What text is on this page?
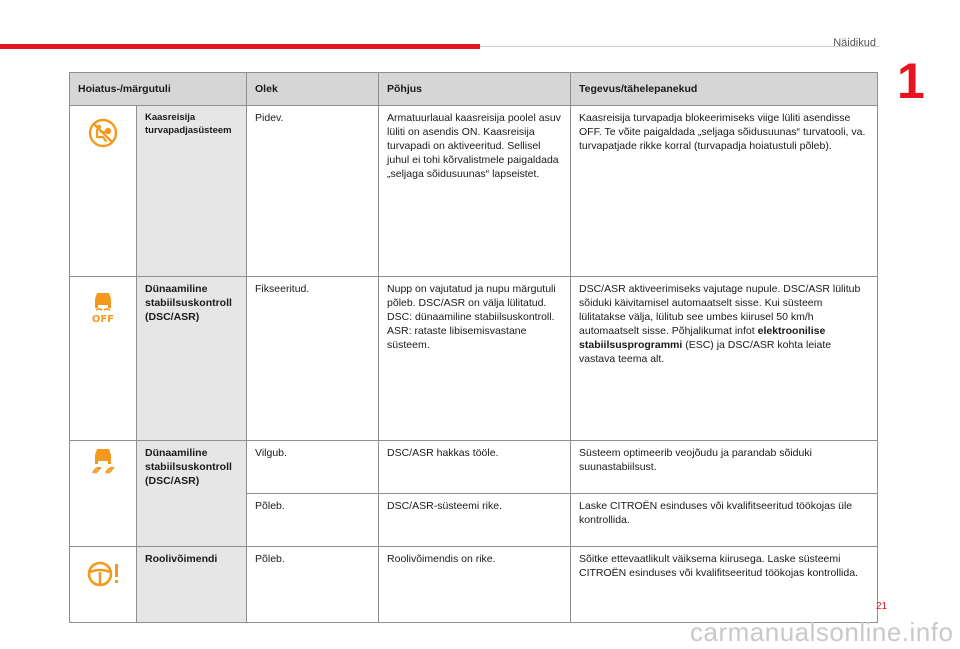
Näidikud
1
Hoiatus-/märgutuli		Olek	Põhjus	Tegevus/tähelepanekud
	Kaasreisija turvapadjasüsteem	Pidev.	Armatuurlaual kaasreisija poolel asuv lüliti on asendis ON. Kaasreisija turvapadi on aktiveeritud. Sellisel juhul ei tohi kõrvalistmele paigaldada „seljaga sõidusuunas“ lapseistet.	Kaasreisija turvapadja blokeerimiseks viige lüliti asendisse OFF. Te võite paigaldada „seljaga sõidusuunas“ turvatooli, va. turvapatjade rikke korral (turvapadja hoiatustuli põleb).

OFF	Dünaamiline stabiilsuskontroll (DSC/ASR)	Fikseeritud.	Nupp on vajutatud ja nupu märgutuli põleb. DSC/ASR on välja lülitatud. DSC: dünaamiline stabiilsuskontroll. ASR: rataste libisemisvastane süsteem.	DSC/ASR aktiveerimiseks vajutage nupule. DSC/ASR lülitub sõiduki käivitamisel automaatselt sisse. Kui süsteem lülitatakse välja, lülitub see umbes kiirusel 50 km/h automaatselt sisse. Põhjalikumat infot elektroonilise stabiilsusprogrammi (ESC) ja DSC/ASR kohta leiate vastava teema alt.
	Dünaamiline stabiilsuskontroll (DSC/ASR)	Vilgub.	DSC/ASR hakkas tööle.	Süsteem optimeerib veojõudu ja parandab sõiduki suunastabiilsust.
		Põleb.	DSC/ASR-süsteemi rike.	Laske CITROËN esinduses või kvalifitseeritud töökojas üle kontrollida.
	Roolivõimendi	Põleb.	Roolivõimendis on rike.	Sõitke ettevaatlikult väiksema kiirusega. Laske süsteemi CITROËN esinduses või kvalifitseeritud töökojas kontrollida.
21
carmanualsonline.info
